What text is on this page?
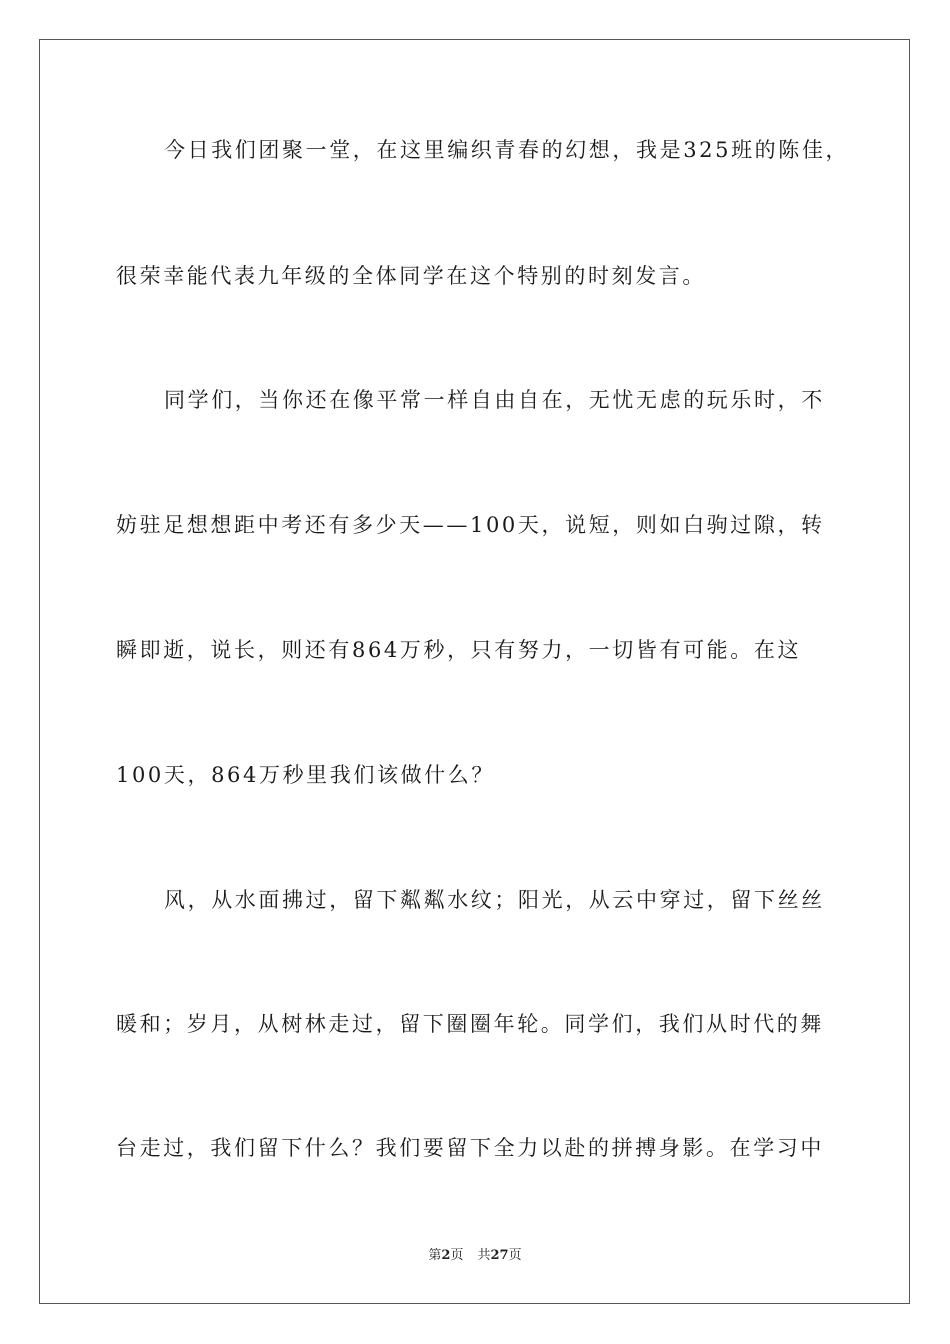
今日我们团聚一堂，在这里编织青春的幻想，我是325班的陈佳，

很荣幸能代表九年级的全体同学在这个特别的时刻发言。

同学们，当你还在像平常一样自由自在，无忧无虑的玩乐时，不

妨驻足想想距中考还有多少天——100天，说短，则如白驹过隙，转

瞬即逝，说长，则还有864万秒，只有努力，一切皆有可能。在这

100天，864万秒里我们该做什么？

风，从水面拂过，留下粼粼水纹；阳光，从云中穿过，留下丝丝

暖和；岁月，从树林走过，留下圈圈年轮。同学们，我们从时代的舞

台走过，我们留下什么？我们要留下全力以赴的拼搏身影。在学习中

第2页 共27页
